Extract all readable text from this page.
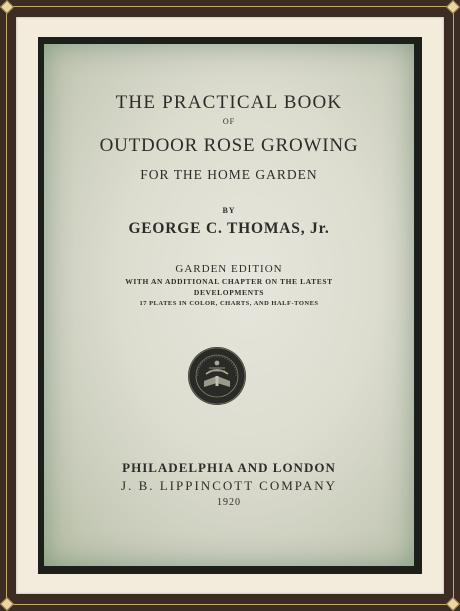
THE PRACTICAL BOOK
OF
OUTDOOR ROSE GROWING
FOR THE HOME GARDEN
BY
GEORGE C. THOMAS, Jr.
GARDEN EDITION
WITH AN ADDITIONAL CHAPTER ON THE LATEST
DEVELOPMENTS
17 PLATES IN COLOR, CHARTS, AND HALF-TONES
PHILADELPHIA AND LONDON
J. B. LIPPINCOTT COMPANY
1920
